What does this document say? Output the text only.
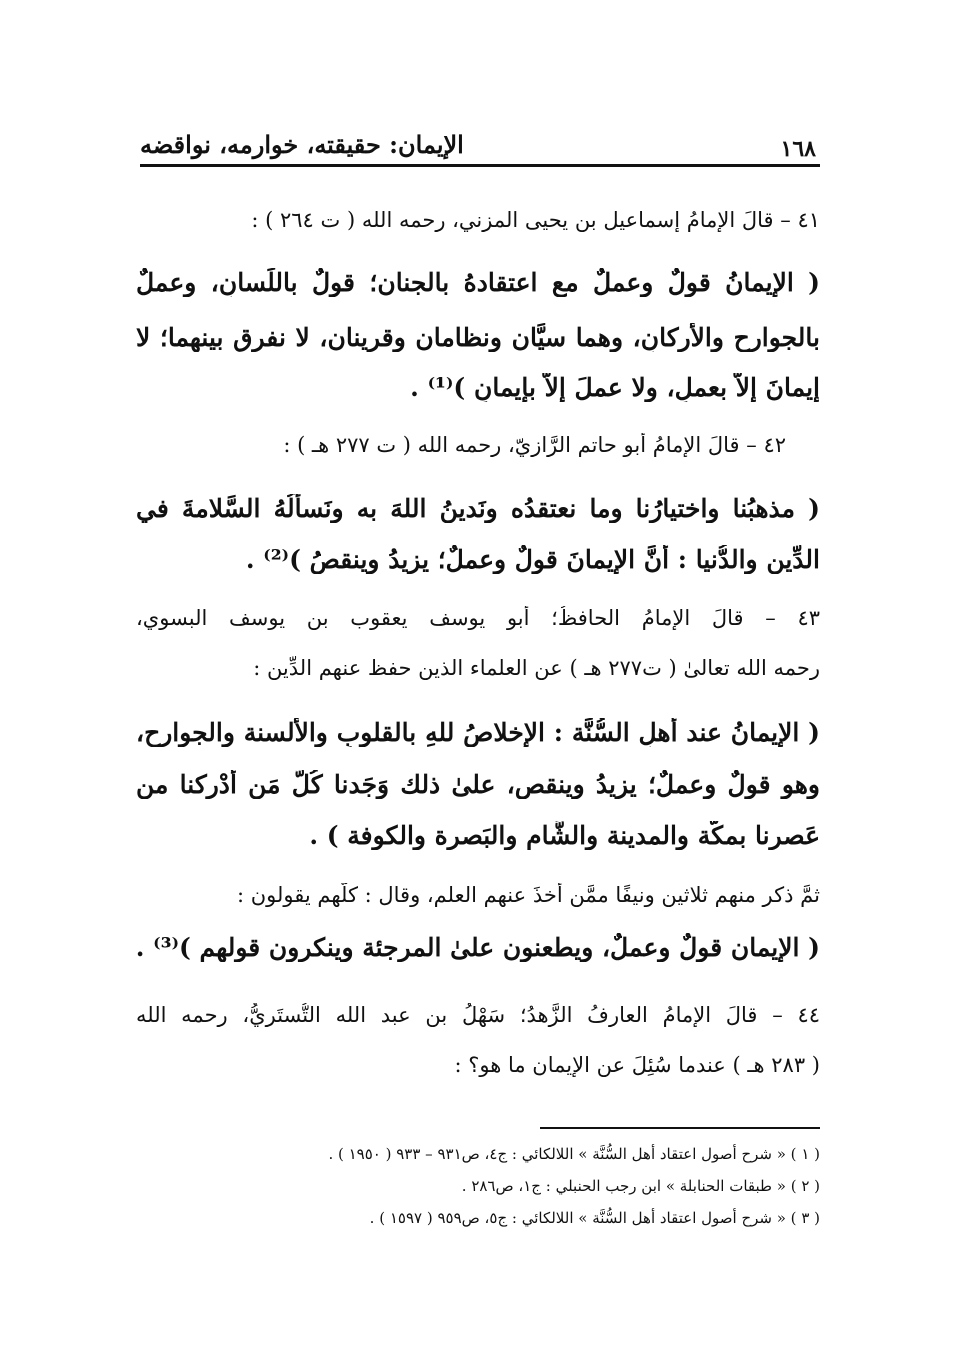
١٦٨
الإيمان: حقيقته، خوارمه، نواقضه
٤١ – قالَ الإمامُ إسماعيل بن يحيى المزني، رحمه الله ( ت ٢٦٤ ) :
( الإيمانُ قولٌ وعملٌ مع اعتقادهُ بالجنان؛ قولٌ باللِّسانِ، وعملٌ
بالجوارحِ والأركانِ، وهما سيَّان ونظامان وقرينان، لا نفرق بينهما؛ لا
إيمانَ إلاَّ بعملٍ، ولا عملَ إلاَّ بإيمانٍ )⁽¹⁾ .
٤٢ – قالَ الإمامُ أبو حاتم الرَّازيّ، رحمه الله ( ت ٢٧٧ هـ ) :
( مذهبُنا واختيارُنا وما نعتقدُه ونَدينُ اللهَ به ونَسألُهُ السَّلامةَ في
الدِّينِ والدُّنيا : أنَّ الإيمانَ قولٌ وعملٌ؛ يزيدُ وينقصُ )⁽²⁾ .
٤٣ – قالَ الإمامُ الحافظُ؛ أبو يوسف يعقوب بن يوسف البسوي،
رحمه الله تعالىٰ ( ت٢٧٧ هـ ) عن العلماء الذين حفظ عنهم الدِّين :
( الإيمانُ عند أهلِ السُّنَّة : الإخلاصُ للهِ بالقلوبِ والألسنة والجوارح،
وهو قولٌ وعملٌ؛ يزيدُ وينقص، علىٰ ذلك وَجَدنا كُلَّ مَن أَدْركنا من
عَصرنا بمكَّة والمدينة والشَّام والبَصرة والكوفة ) .
ثمَّ ذكر منهم ثلاثين ونيفًا ممَّن أخذَ عنهم العلم، وقال : كلُّهم يقولون :
( الإيمان قولٌ وعملٌ، ويطعنون علىٰ المرجئة وينكرون قولهم )⁽³⁾ .
٤٤ – قالَ الإمامُ العارفُ الزَّهدُ؛ سَهْلُ بن عبد الله التُّستَريُّ، رحمه الله
( ٢٨٣ هـ ) عندما سُئِلَ عن الإيمان ما هو؟ :
( ١ ) « شرح أصول اعتقاد أهل السُّنَّة » اللالكائي : ج٤، ص٩٣١ – ٩٣٣ ( ١٩٥٠ ) .
( ٢ ) « طبقات الحنابلة » ابن رجب الحنبلي : ج١، ص٢٨٦ .
( ٣ ) « شرح أصول اعتقاد أهل السُّنَّة » اللالكائي : ج٥، ص٩٥٩ ( ١٥٩٧ ) .
